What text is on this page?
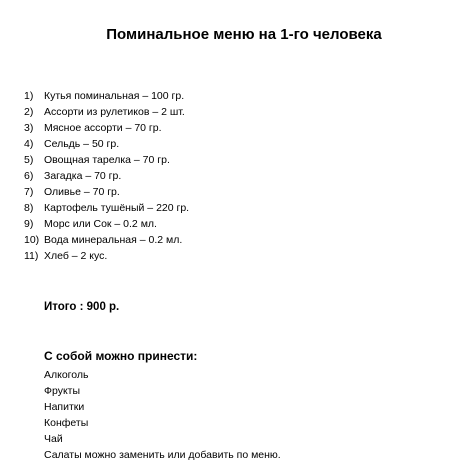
Поминальное меню на 1-го человека
1)	Кутья поминальная – 100 гр.
2)	Ассорти из рулетиков – 2 шт.
3)	Мясное ассорти – 70 гр.
4)	Сельдь – 50 гр.
5)	Овощная тарелка – 70 гр.
6)	Загадка – 70 гр.
7)	Оливье – 70 гр.
8)	Картофель тушёный – 220 гр.
9)	Морс или Сок – 0.2 мл.
10) Вода минеральная – 0.2 мл.
11) Хлеб – 2 кус.
Итого : 900 р.
С собой можно принести:
Алкоголь
Фрукты
Напитки
Конфеты
Чай
Салаты можно заменить или добавить по меню.
